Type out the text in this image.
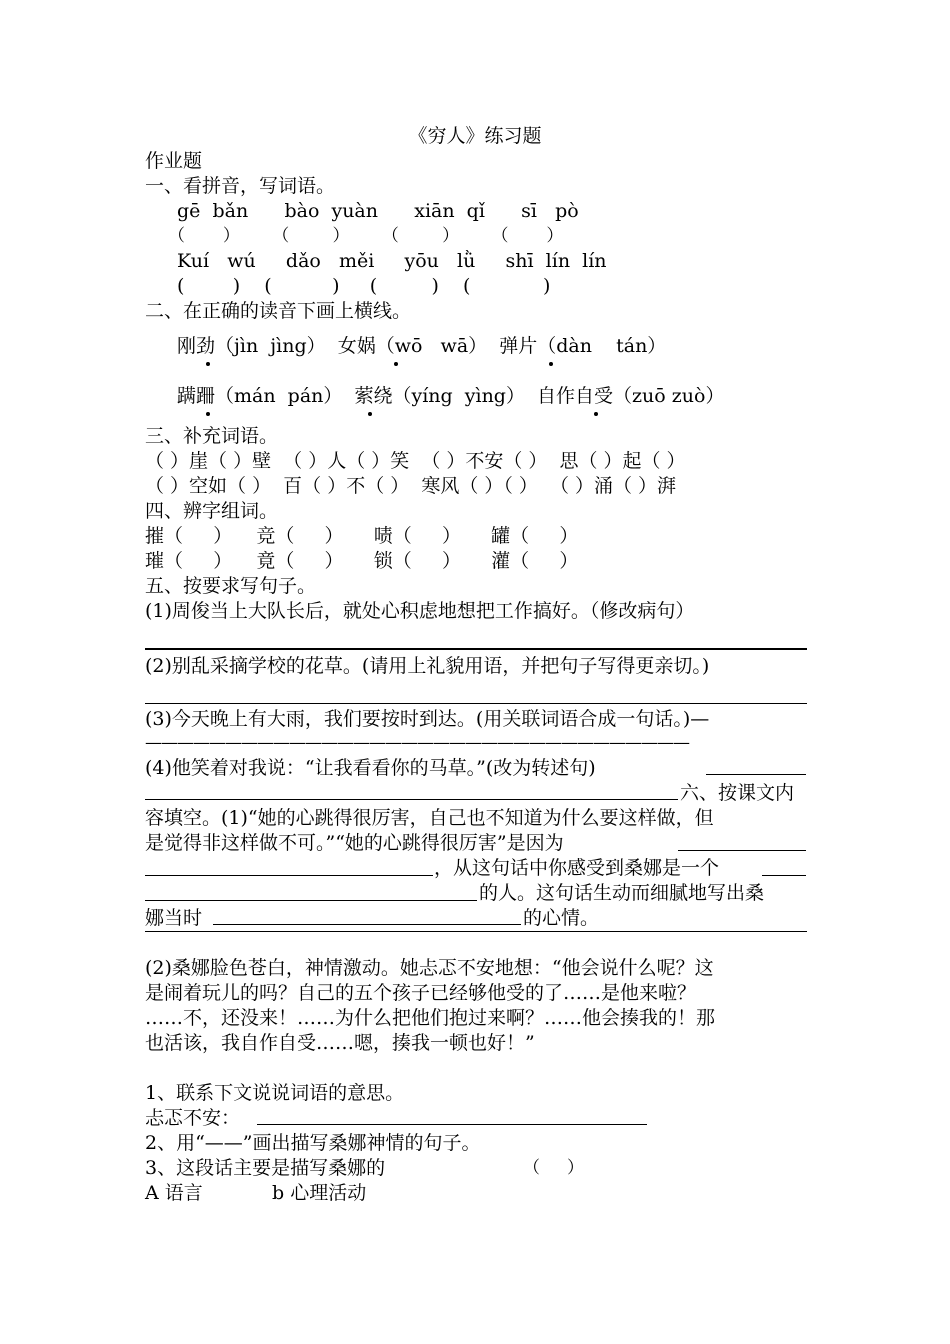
《穷人》练习题
作业题
一、看拼音，写词语。
gē  bǎn      bào  yuàn      xiān  qǐ      sī   pò
（       ）      （        ）      （        ）      （       ）
Kuí   wú     dǎo   měi     yōu   lǜ     shī  lín  lín
(        )    (          )     (         )    (            )
二、在正确的读音下画上横线。
刚劲（jìn  jìng）  女娲（wō   wā）  弹片（dàn    tán）
蹒跚（mán  pán）  萦绕（yíng  yìng）  自作自受（zuō zuò）
三、补充词语。
（ ）崖（ ）壁  （ ）人（ ）笑  （ ）不安（ ）  思（ ）起（ ）
（ ）空如（ ）  百（ ）不（ ）  寒风（ ）（ ）  （ ）涌（ ）湃
四、辨字组词。
摧（     ）    竞（     ）     啧（     ）     罐（     ）
璀（     ）    竟（     ）     锁（     ）     灌（     ）
五、按要求写句子。
(1)周俊当上大队长后，就处心积虑地想把工作搞好。（修改病句）
(2)别乱采摘学校的花草。(请用上礼貌用语，并把句子写得更亲切。)
(3)今天晚上有大雨，我们要按时到达。(用关联词语合成一句话。)—
——————————————————————————————————
(4)他笑着对我说：“让我看看你的马草。”(改为转述句)
六、按课文内
容填空。(1)“她的心跳得很厉害，自己也不知道为什么要这样做，但
是觉得非这样做不可。”“她的心跳得很厉害”是因为
，从这句话中你感受到桑娜是一个
的人。这句话生动而细腻地写出桑
娜当时	的心情。
(2)桑娜脸色苍白，神情激动。她忐忑不安地想：“他会说什么呢？这
是闹着玩儿的吗？自己的五个孩子已经够他受的了……是他来啦？
……不，还没来！……为什么把他们抱过来啊？……他会揍我的！那
也活该，我自作自受……嗯，揍我一顿也好！”
1、联系下文说说词语的意思。
忐忑不安：
2、用“——”画出描写桑娜神情的句子。
3、这段话主要是描写桑娜的	（     ）
A 语言	b 心理活动
